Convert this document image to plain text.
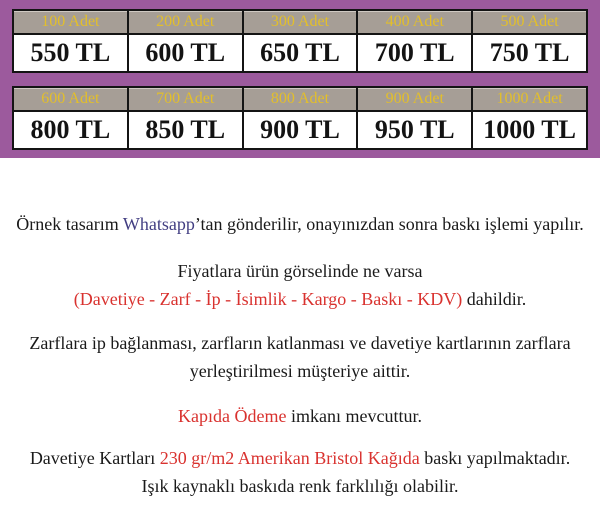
100 Adet	200 Adet	300 Adet	400 Adet	500 Adet
550 TL	600 TL	650 TL	700 TL	750 TL
600 Adet	700 Adet	800 Adet	900 Adet	1000 Adet
800 TL	850 TL	900 TL	950 TL	1000 TL

Örnek tasarım Whatsapp’tan gönderilir, onayınızdan sonra baskı işlemi yapılır.

Fiyatlara ürün görselinde ne varsa
(Davetiye - Zarf - İp - İsimlik - Kargo - Baskı - KDV) dahildir.

Zarflara ip bağlanması, zarfların katlanması ve davetiye kartlarının zarflara
yerleştirilmesi müşteriye aittir.

Kapıda Ödeme imkanı mevcuttur.

Davetiye Kartları 230 gr/m2 Amerikan Bristol Kağıda baskı yapılmaktadır.
Işık kaynaklı baskıda renk farklılığı olabilir.
